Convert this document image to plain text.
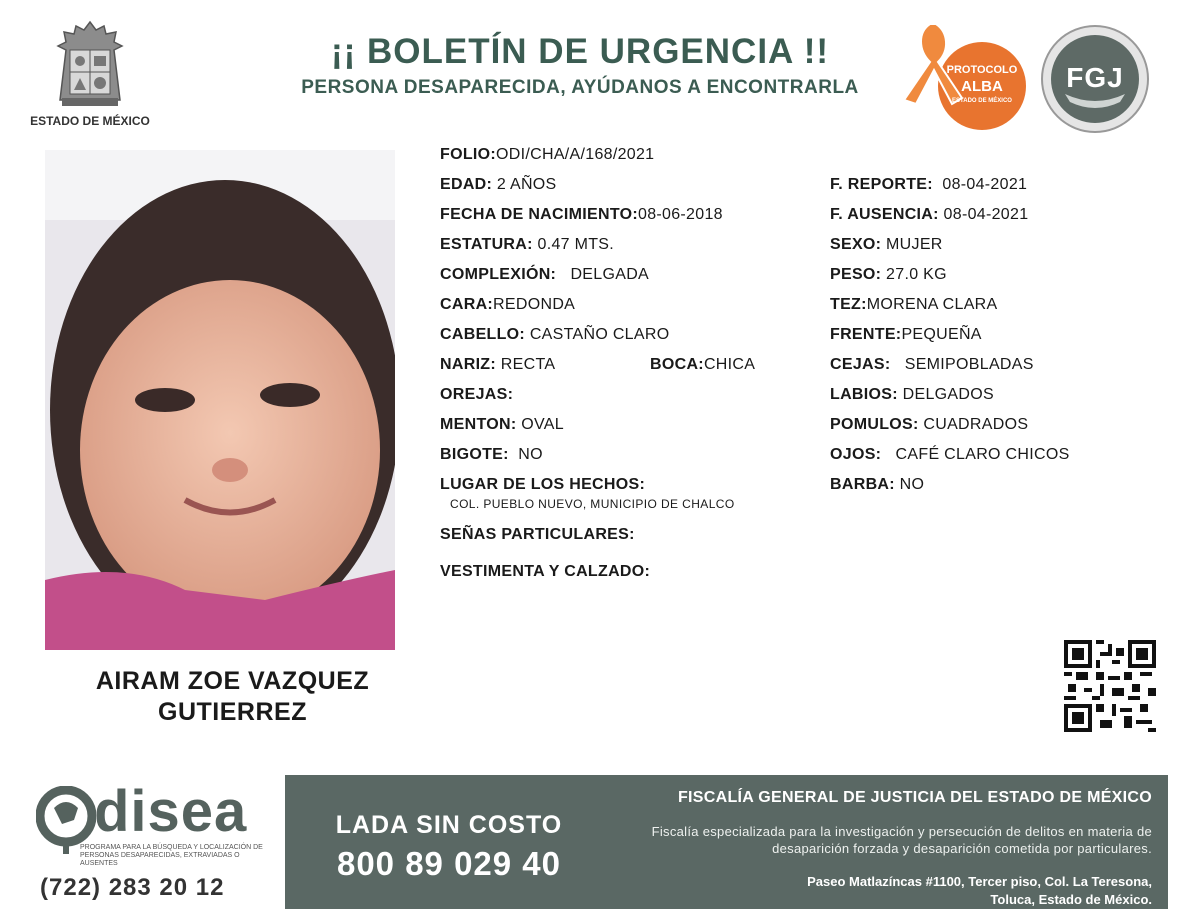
ESTADO DE MÉXICO
¡¡ BOLETÍN DE URGENCIA !!
PERSONA DESAPARECIDA, AYÚDANOS A ENCONTRARLA
PROTOCOLO
ALBA
ESTADO DE MÉXICO
FGJ
AIRAM ZOE VAZQUEZ
GUTIERREZ
FOLIO:ODI/CHA/A/168/2021
EDAD: 2 AÑOS
FECHA DE NACIMIENTO:08-06-2018
ESTATURA: 0.47 MTS.
COMPLEXIÓN: DELGADA
CARA:REDONDA
CABELLO: CASTAÑO CLARO
NARIZ: RECTA	BOCA:CHICA
OREJAS:
MENTON: OVAL
BIGOTE: NO
LUGAR DE LOS HECHOS:
COL. PUEBLO NUEVO, MUNICIPIO DE CHALCO
SEÑAS PARTICULARES:
VESTIMENTA Y CALZADO:
F. REPORTE: 08-04-2021
F. AUSENCIA: 08-04-2021
SEXO: MUJER
PESO: 27.0 KG
TEZ:MORENA CLARA
FRENTE:PEQUEÑA
CEJAS: SEMIPOBLADAS
LABIOS: DELGADOS
POMULOS: CUADRADOS
OJOS: CAFÉ CLARO CHICOS
BARBA: NO
disea
PROGRAMA PARA LA BÚSQUEDA Y LOCALIZACIÓN DE PERSONAS DESAPARECIDAS, EXTRAVIADAS O AUSENTES
(722) 283 20 12
LADA SIN COSTO
800 89 029 40
FISCALÍA GENERAL DE JUSTICIA DEL ESTADO DE MÉXICO
Fiscalía especializada para la investigación y persecución de delitos en materia de desaparición forzada y desaparición cometida por particulares.
Paseo Matlazíncas #1100, Tercer piso, Col. La Teresona,
Toluca, Estado de México.
